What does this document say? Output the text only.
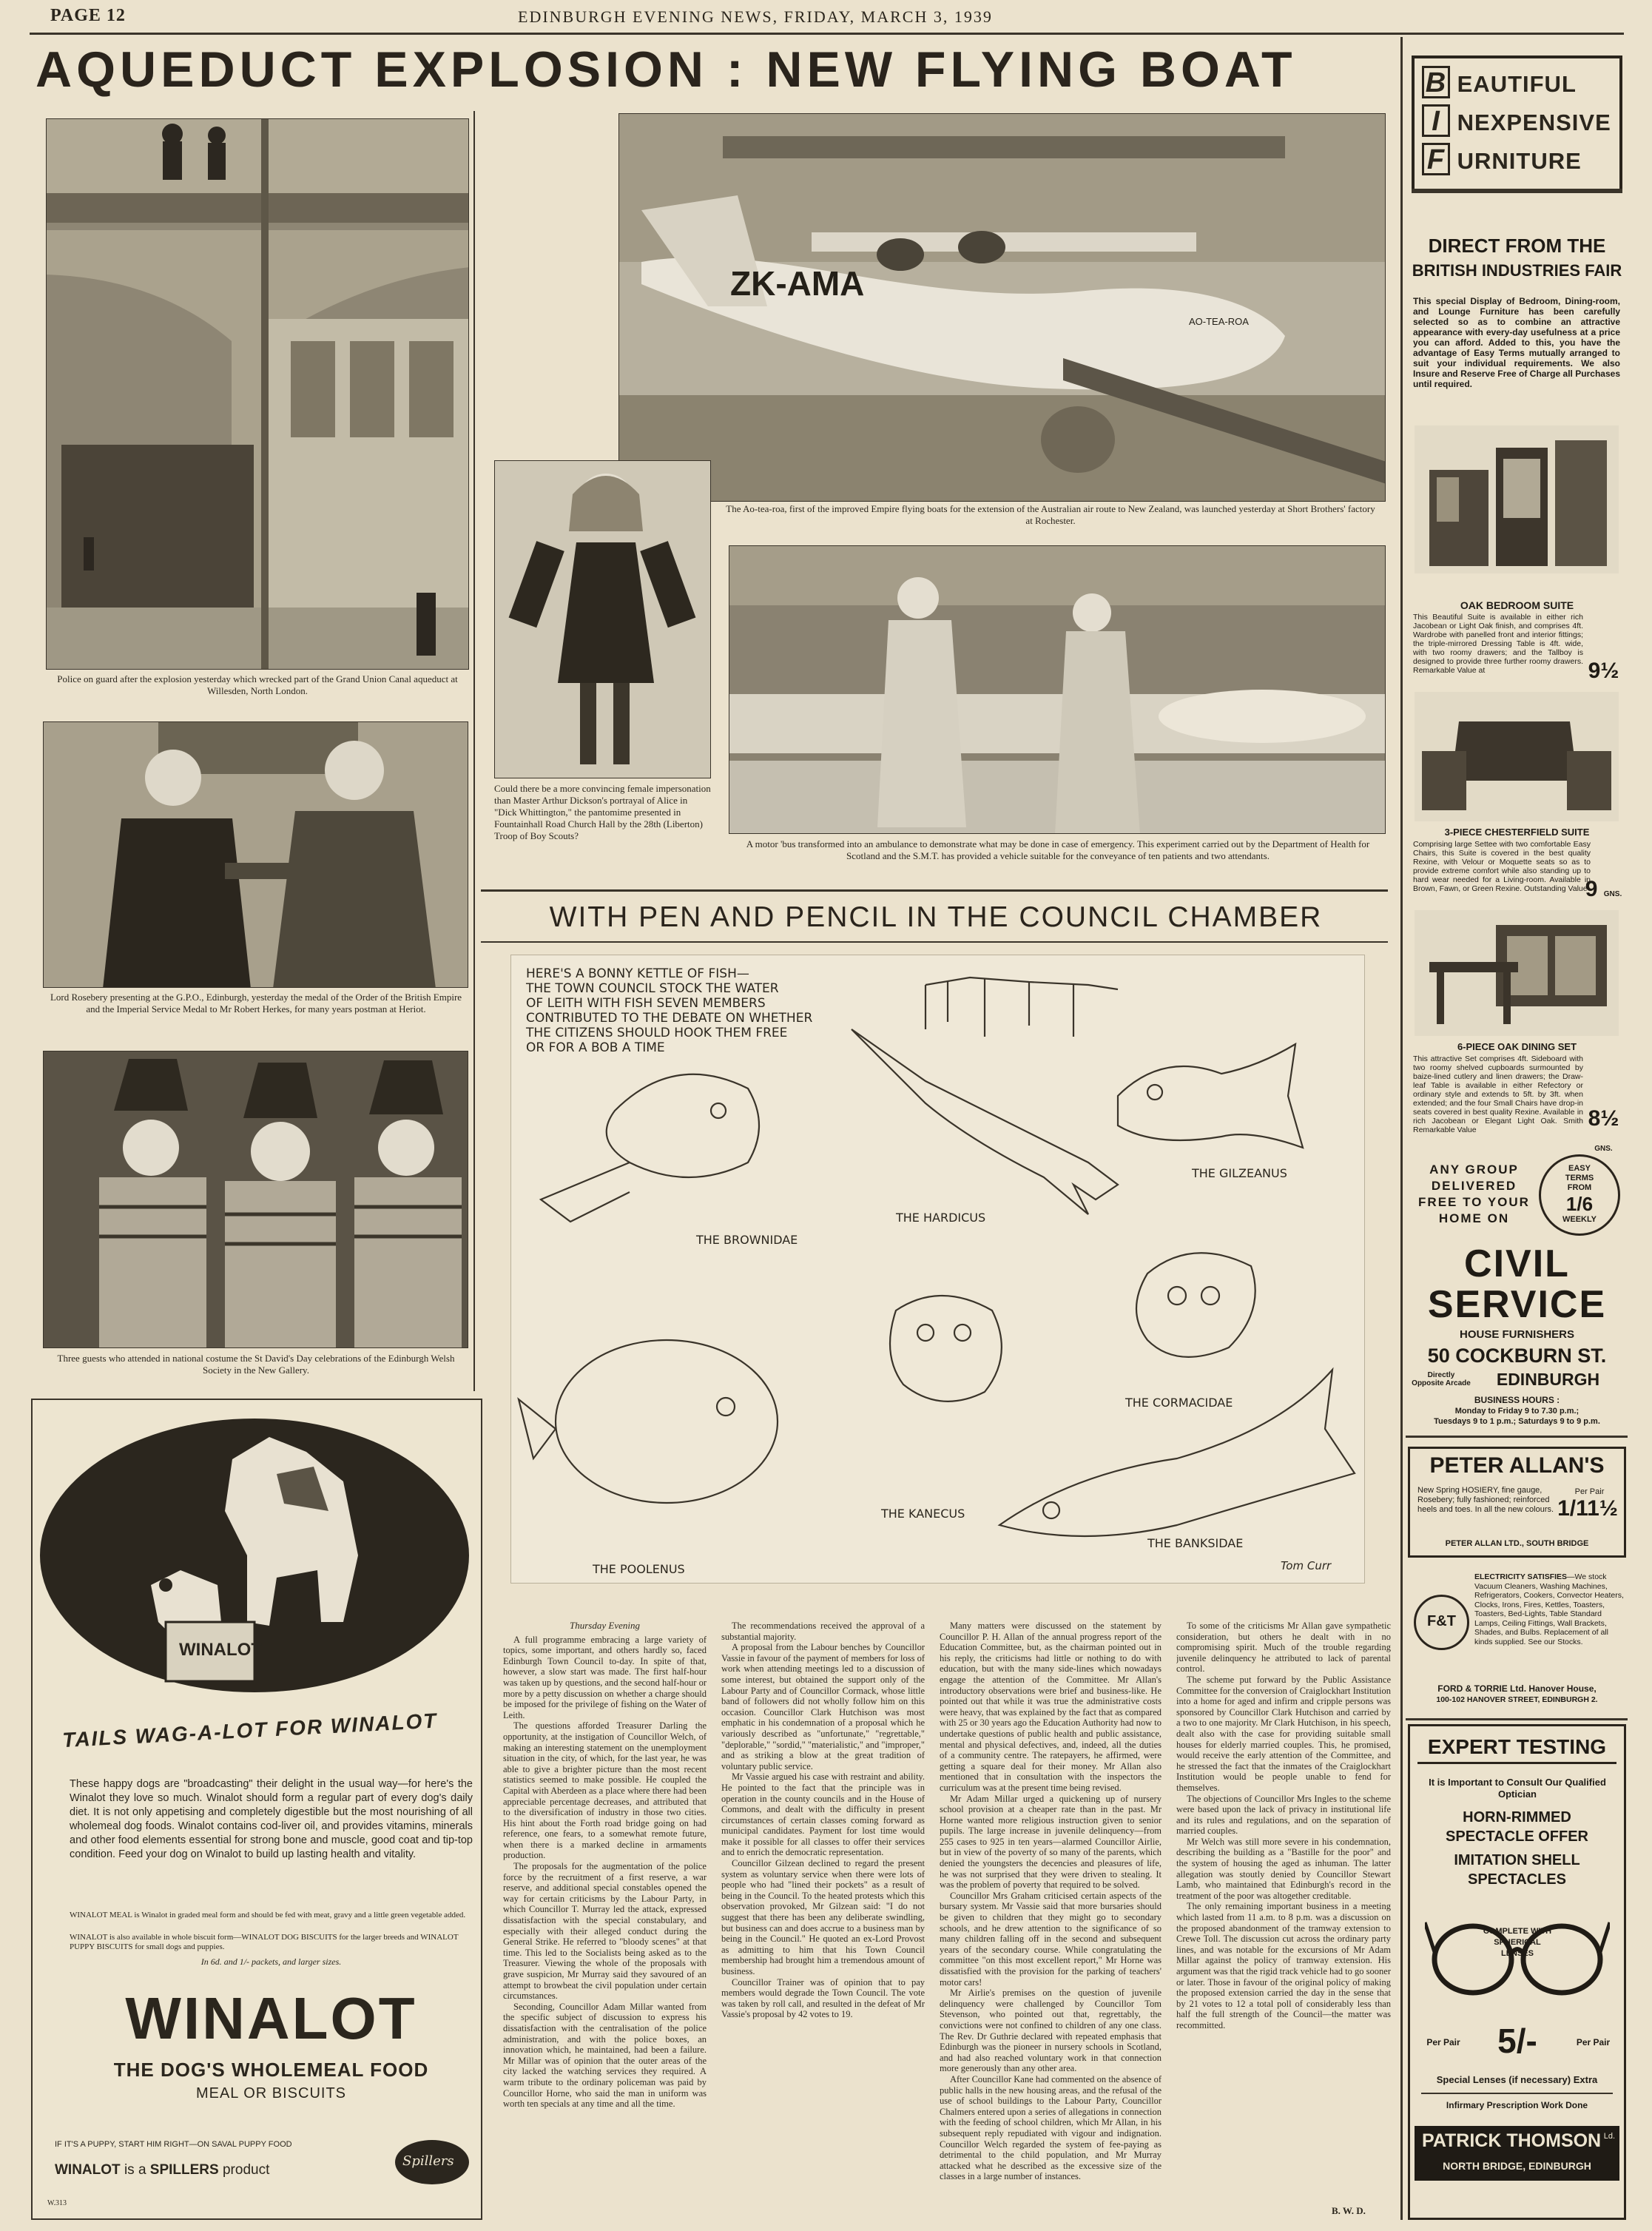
PAGE 12	EDINBURGH EVENING NEWS, FRIDAY, MARCH 3, 1939
AQUEDUCT EXPLOSION : NEW FLYING BOAT
Police on guard after the explosion yesterday which wrecked part of the Grand Union Canal aqueduct at Willesden, North London.
ZK-AMA
AO-TEA-ROA
The Ao-tea-roa, first of the improved Empire flying boats for the extension of the Australian air route to New Zealand, was launched yesterday at Short Brothers' factory at Rochester.
Could there be a more convincing female impersonation than Master Arthur Dickson's portrayal of Alice in "Dick Whittington," the pantomime presented in Fountainhall Road Church Hall by the 28th (Liberton) Troop of Boy Scouts?
A motor 'bus transformed into an ambulance to demonstrate what may be done in case of emergency. This experiment carried out by the Department of Health for Scotland and the S.M.T. has provided a vehicle suitable for the conveyance of ten patients and two attendants.
Lord Rosebery presenting at the G.P.O., Edinburgh, yesterday the medal of the Order of the British Empire and the Imperial Service Medal to Mr Robert Herkes, for many years postman at Heriot.
Three guests who attended in national costume the St David's Day celebrations of the Edinburgh Welsh Society in the New Gallery.
WITH PEN AND PENCIL IN THE COUNCIL CHAMBER
HERE'S A BONNY KETTLE OF FISH—
THE TOWN COUNCIL STOCK THE WATER
OF LEITH WITH FISH SEVEN MEMBERS
CONTRIBUTED TO THE DEBATE ON WHETHER
THE CITIZENS SHOULD HOOK THEM FREE
OR FOR A BOB A TIME
THE HARDICUS
THE GILZEANUS
THE BROWNIDAE
THE CORMACIDAE
THE KANECUS
THE BANKSIDAE
THE POOLENUS	Tom Curr
Thursday Evening

A full programme embracing a large variety of topics, some important, and others hardly so, faced Edinburgh Town Council to-day. In spite of that, however, a slow start was made. The first half-hour was taken up by questions, and the second half-hour or more by a petty discussion on whether a charge should be imposed for the privilege of fishing on the Water of Leith.

The questions afforded Treasurer Darling the opportunity, at the instigation of Councillor Welch, of making an interesting statement on the unemployment situation in the city, of which, for the last year, he was able to give a brighter picture than the most recent statistics seemed to make possible. He coupled the Capital with Aberdeen as a place where there had been appreciable percentage decreases, and attributed that to the diversification of industry in those two cities. His hint about the Forth road bridge going on had reference, one fears, to a somewhat remote future, when there is a marked decline in armaments production.

The proposals for the augmentation of the police force by the recruitment of a first reserve, a war reserve, and additional special constables opened the way for certain criticisms by the Labour Party, in which Councillor T. Murray led the attack, expressed dissatisfaction with the special constabulary, and especially with their alleged conduct during the General Strike. He referred to "bloody scenes" at that time. This led to the Socialists being asked as to the Treasurer. Viewing the whole of the proposals with grave suspicion, Mr Murray said they savoured of an attempt to browbeat the civil population under certain circumstances.

Seconding, Councillor Adam Millar wanted from the specific subject of discussion to express his dissatisfaction with the centralisation of the police administration, and with the police boxes, an innovation which, he maintained, had been a failure. Mr Millar was of opinion that the outer areas of the city lacked the watching services they required. A warm tribute to the ordinary policeman was paid by Councillor Horne, who said the man in uniform was worth ten specials at any time and all the time.

The recommendations received the approval of a substantial majority.

A proposal from the Labour benches by Councillor Vassie in favour of the payment of members for loss of work when attending meetings led to a discussion of some interest, but obtained the support only of the Labour Party and of Councillor Cormack, whose little band of followers did not wholly follow him on this occasion. Councillor Clark Hutchison was most emphatic in his condemnation of a proposal which he variously described as "unfortunate," "regrettable," "deplorable," "sordid," "materialistic," and "improper," and as striking a blow at the great tradition of voluntary public service.

Mr Vassie argued his case with restraint and ability. He pointed to the fact that the principle was in operation in the county councils and in the House of Commons, and dealt with the difficulty in present circumstances of certain classes coming forward as municipal candidates. Payment for lost time would make it possible for all classes to offer their services and to enrich the democratic representation.

Councillor Gilzean declined to regard the present system as voluntary service when there were lots of people who had "lined their pockets" as a result of being in the Council. To the heated protests which this observation provoked, Mr Gilzean said: "I do not suggest that there has been any deliberate swindling, but business can and does accrue to a business man by being in the Council." He quoted an ex-Lord Provost as admitting to him that his Town Council membership had brought him a tremendous amount of business.

Councillor Trainer was of opinion that to pay members would degrade the Town Council. The vote was taken by roll call, and resulted in the defeat of Mr Vassie's proposal by 42 votes to 19.

Many matters were discussed on the statement by Councillor P. H. Allan of the annual progress report of the Education Committee, but, as the chairman pointed out in his reply, the criticisms had little or nothing to do with education, but with the many side-lines which nowadays engage the attention of the Committee. Mr Allan's introductory observations were brief and business-like. He pointed out that while it was true the administrative costs were heavy, that was explained by the fact that as compared with 25 or 30 years ago the Education Authority had now to undertake questions of public health and public assistance, mental and physical defectives, and, indeed, all the duties of a community centre. The ratepayers, he affirmed, were getting a square deal for their money. Mr Allan also mentioned that in consultation with the inspectors the curriculum was at the present time being revised.

Mr Adam Millar urged a quickening up of nursery school provision at a cheaper rate than in the past. Mr Horne wanted more religious instruction given to senior pupils. The large increase in juvenile delinquency—from 255 cases to 925 in ten years—alarmed Councillor Airlie, but in view of the poverty of so many of the parents, which denied the youngsters the decencies and pleasures of life, he was not surprised that they were driven to stealing. It was the problem of poverty that required to be solved.

Councillor Mrs Graham criticised certain aspects of the bursary system. Mr Vassie said that more bursaries should be given to children that they might go to secondary schools, and he drew attention to the significance of so many children falling off in the second and subsequent years of the secondary course. While congratulating the committee "on this most excellent report," Mr Horne was dissatisfied with the provision for the parking of teachers' motor cars!

Mr Airlie's premises on the question of juvenile delinquency were challenged by Councillor Tom Stevenson, who pointed out that, regrettably, the convictions were not confined to children of any one class. The Rev. Dr Guthrie declared with repeated emphasis that Edinburgh was the pioneer in nursery schools in Scotland, and had also reached voluntary work in that connection more generously than any other area.

After Councillor Kane had commented on the absence of public halls in the new housing areas, and the refusal of the use of school buildings to the Labour Party, Councillor Chalmers entered upon a series of allegations in connection with the feeding of school children, which Mr Allan, in his subsequent reply repudiated with vigour and indignation. Councillor Welch regarded the system of fee-paying as detrimental to the child population, and Mr Murray attacked what he described as the excessive size of the classes in a large number of instances.

To some of the criticisms Mr Allan gave sympathetic consideration, but others he dealt with in no compromising spirit. Much of the trouble regarding juvenile delinquency he attributed to lack of parental control.

The scheme put forward by the Public Assistance Committee for the conversion of Craiglockhart Institution into a home for aged and infirm and cripple persons was sponsored by Councillor Clark Hutchison and carried by a two to one majority. Mr Clark Hutchison, in his speech, dealt also with the case for providing suitable small houses for elderly married couples. This, he promised, would receive the early attention of the Committee, and he stressed the fact that the inmates of the Craiglockhart Institution would be people unable to fend for themselves.

The objections of Councillor Mrs Ingles to the scheme were based upon the lack of privacy in institutional life and its rules and regulations, and on the separation of married couples.

Mr Welch was still more severe in his condemnation, describing the building as a "Bastille for the poor" and the system of housing the aged as inhuman. The latter allegation was stoutly denied by Councillor Stewart Lamb, who maintained that Edinburgh's record in the treatment of the poor was altogether creditable.

The only remaining important business in a meeting which lasted from 11 a.m. to 8 p.m. was a discussion on the proposed abandonment of the tramway extension to Crewe Toll. The discussion cut across the ordinary party lines, and was notable for the excursions of Mr Adam Millar against the policy of tramway extension. His argument was that the rigid track vehicle had to go sooner or later. Those in favour of the original policy of making the proposed extension carried the day in the sense that by 21 votes to 12 a total poll of considerably less than half the full strength of the Council—the matter was recommitted.

B. W. D.
WINALOT
TAILS WAG-A-LOT FOR WINALOT
These happy dogs are "broadcasting" their delight in the usual way—for here's the Winalot they love so much. Winalot should form a regular part of every dog's daily diet. It is not only appetising and completely digestible but the most nourishing of all wholemeal dog foods. Winalot contains cod-liver oil, and provides vitamins, minerals and other food elements essential for strong bone and muscle, good coat and tip-top condition. Feed your dog on Winalot to build up lasting health and vitality.
WINALOT MEAL is Winalot in graded meal form and should be fed with meat, gravy and a little green vegetable added.
WINALOT is also available in whole biscuit form—WINALOT DOG BISCUITS for the larger breeds and WINALOT PUPPY BISCUITS for small dogs and puppies.
In 6d. and 1/- packets, and larger sizes.
WINALOT
THE DOG'S WHOLEMEAL FOOD
MEAL OR BISCUITS
IF IT'S A PUPPY, START HIM RIGHT—ON SAVAL PUPPY FOOD
WINALOT is a SPILLERS product
Spillers
W.313
B EAUTIFUL
I NEXPENSIVE
F URNITURE
DIRECT FROM THE
BRITISH INDUSTRIES FAIR
This special Display of Bedroom, Dining-room, and Lounge Furniture has been carefully selected so as to combine an attractive appearance with every-day usefulness at a price you can afford. Added to this, you have the advantage of Easy Terms mutually arranged to suit your individual requirements. We also Insure and Reserve Free of Charge all Purchases until required.
OAK BEDROOM SUITE
This Beautiful Suite is available in either rich Jacobean or Light Oak finish, and comprises 4ft. Wardrobe with panelled front and interior fittings; the triple-mirrored Dressing Table is 4ft. wide, with two roomy drawers; and the Tallboy is designed to provide three further roomy drawers. Remarkable Value at	9½
3-PIECE CHESTERFIELD SUITE
Comprising large Settee with two comfortable Easy Chairs, this Suite is covered in the best quality Rexine, with Velour or Moquette seats so as to provide extreme comfort while also standing up to hard wear needed for a Living-room. Available in Brown, Fawn, or Green Rexine. Outstanding Value
9 GNS.
6-PIECE OAK DINING SET
This attractive Set comprises 4ft. Sideboard with two roomy shelved cupboards surmounted by baize-lined cutlery and linen drawers; the Draw-leaf Table is available in either Refectory or ordinary style and extends to 5ft. by 3ft. when extended; and the four Small Chairs have drop-in seats covered in best quality Rexine. Available in rich Jacobean or Elegant Light Oak. Smith Remarkable Value	8½ GNS.
ANY GROUP
DELIVERED
FREE TO YOUR
HOME ON
EASY
TERMS
FROM
1/6
WEEKLY
CIVIL
SERVICE
HOUSE FURNISHERS
50 COCKBURN ST.
Directly Opposite Arcade	EDINBURGH
BUSINESS HOURS :
Monday to Friday 9 to 7.30 p.m.;
Tuesdays 9 to 1 p.m.; Saturdays 9 to 9 p.m.
PETER ALLAN'S
New Spring HOSIERY, fine gauge, Rosebery; fully fashioned; reinforced heels and toes. In all the new colours.
Per Pair
1/11½
PETER ALLAN LTD., SOUTH BRIDGE
ELECTRICITY SATISFIES—We stock Vacuum Cleaners, Washing Machines, Refrigerators, Cookers, Convector Heaters, Clocks, Irons, Fires, Kettles, Toasters, Toasters, Bed-Lights, Table Standard Lamps, Ceiling Fittings, Wall Brackets, Shades, and Bulbs. Replacement of all kinds supplied. See our Stocks.
F&T
FORD & TORRIE Ltd. Hanover House,
100-102 HANOVER STREET, EDINBURGH 2.
EXPERT TESTING
It is Important to Consult Our Qualified Optician
HORN-RIMMED
SPECTACLE OFFER
IMITATION SHELL
SPECTACLES
COMPLETE WITH
SPHERICAL
LENSES
Per Pair	5/-	Per Pair
Special Lenses (if necessary) Extra
Infirmary Prescription Work Done
PATRICK THOMSON Ld.
NORTH BRIDGE, EDINBURGH
